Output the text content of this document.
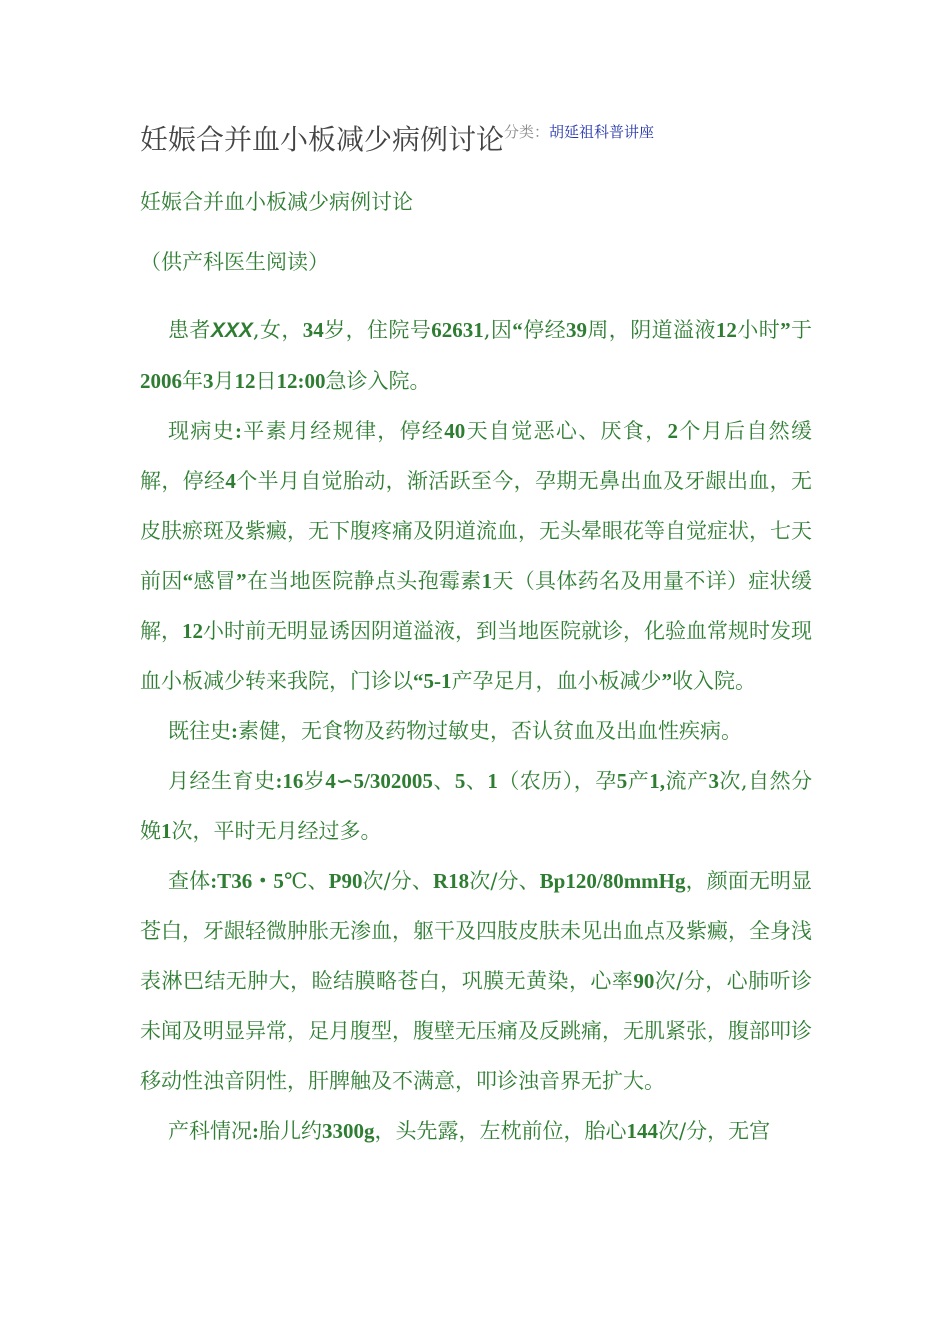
妊娠合并血小板减少病例讨论分类：胡延祖科普讲座
妊娠合并血小板减少病例讨论
（供产科医生阅读）

患者XXX,女，34岁，住院号62631,因“停经39周，阴道溢液12小时”于2006年3月12日12:00急诊入院。

现病史:平素月经规律，停经40天自觉恶心、厌食，2个月后自然缓解，停经4个半月自觉胎动，渐活跃至今，孕期无鼻出血及牙龈出血，无皮肤瘀斑及紫癜，无下腹疼痛及阴道流血，无头晕眼花等自觉症状，七天前因“感冒”在当地医院静点头孢霉素1天（具体药名及用量不详）症状缓解，12小时前无明显诱因阴道溢液，到当地医院就诊，化验血常规时发现血小板减少转来我院，门诊以“5-1产孕足月，血小板减少”收入院。

既往史:素健，无食物及药物过敏史，否认贫血及出血性疾病。

月经生育史:16岁4∽5/302005、5、1（农历），孕5产1,流产3次,自然分娩1次，平时无月经过多。

查体:T36・5℃、P90次/分、R18次/分、Bp120/80mmHg，颜面无明显苍白，牙龈轻微肿胀无渗血，躯干及四肢皮肤未见出血点及紫癜，全身浅表淋巴结无肿大，睑结膜略苍白，巩膜无黄染，心率90次/分，心肺听诊未闻及明显异常，足月腹型，腹壁无压痛及反跳痛，无肌紧张，腹部叩诊移动性浊音阴性，肝脾触及不满意，叩诊浊音界无扩大。

产科情况:胎儿约3300g，头先露，左枕前位，胎心144次/分，无宫
